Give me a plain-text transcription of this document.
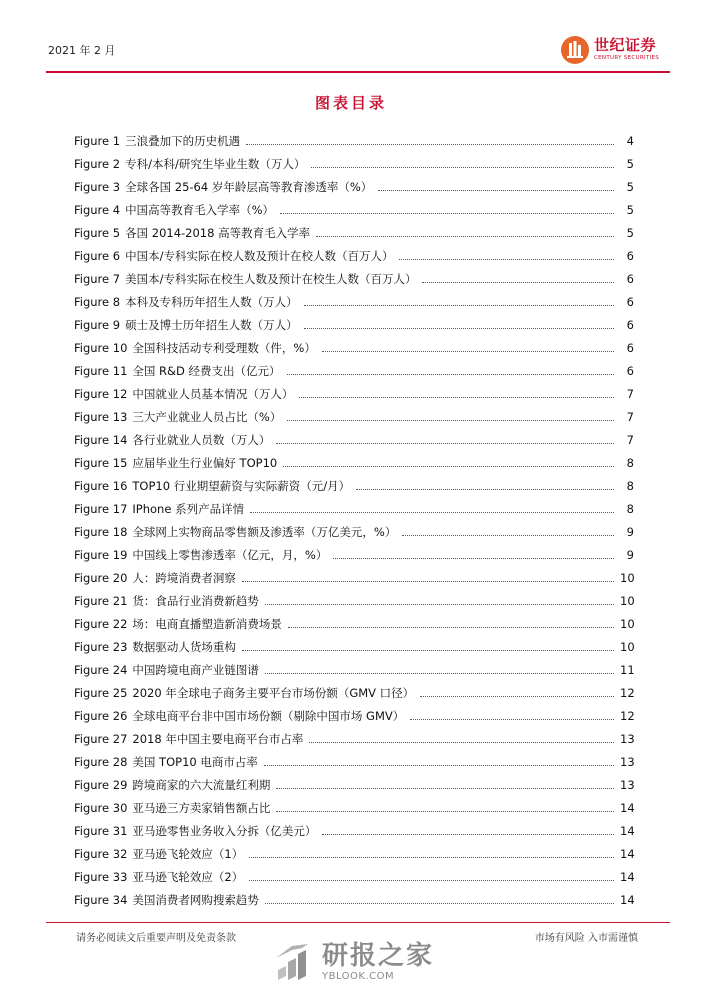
2021 年 2 月	世纪证券
CENTURY SECURITIES
图表目录
Figure 1 三浪叠加下的历史机遇	4
Figure 2 专科/本科/研究生毕业生数（万人）	5
Figure 3 全球各国 25-64 岁年龄层高等教育渗透率（%）	5
Figure 4 中国高等教育毛入学率（%）	5
Figure 5 各国 2014-2018 高等教育毛入学率	5
Figure 6 中国本/专科实际在校人数及预计在校人数（百万人）	6
Figure 7 美国本/专科实际在校生人数及预计在校生人数（百万人）	6
Figure 8 本科及专科历年招生人数（万人）	6
Figure 9 硕士及博士历年招生人数（万人）	6
Figure 10 全国科技活动专利受理数（件，%）	6
Figure 11 全国 R&D 经费支出（亿元）	6
Figure 12 中国就业人员基本情况（万人）	7
Figure 13 三大产业就业人员占比（%）	7
Figure 14 各行业就业人员数（万人）	7
Figure 15 应届毕业生行业偏好 TOP10	8
Figure 16 TOP10 行业期望薪资与实际薪资（元/月）	8
Figure 17 IPhone 系列产品详情	8
Figure 18 全球网上实物商品零售额及渗透率（万亿美元，%）	9
Figure 19 中国线上零售渗透率（亿元，月，%）	9
Figure 20 人：跨境消费者洞察	10
Figure 21 货：食品行业消费新趋势	10
Figure 22 场：电商直播塑造新消费场景	10
Figure 23 数据驱动人货场重构	10
Figure 24 中国跨境电商产业链图谱	11
Figure 25 2020 年全球电子商务主要平台市场份额（GMV 口径）	12
Figure 26 全球电商平台非中国市场份额（剔除中国市场 GMV）	12
Figure 27 2018 年中国主要电商平台市占率	13
Figure 28 美国 TOP10 电商市占率	13
Figure 29 跨境商家的六大流量红利期	13
Figure 30 亚马逊三方卖家销售额占比	14
Figure 31 亚马逊零售业务收入分拆（亿美元）	14
Figure 32 亚马逊飞轮效应（1）	14
Figure 33 亚马逊飞轮效应（2）	14
Figure 34 美国消费者网购搜索趋势	14
请务必阅读文后重要声明及免责条款	市场有风险 入市需谨慎
研报之家
YBLOOK.COM
